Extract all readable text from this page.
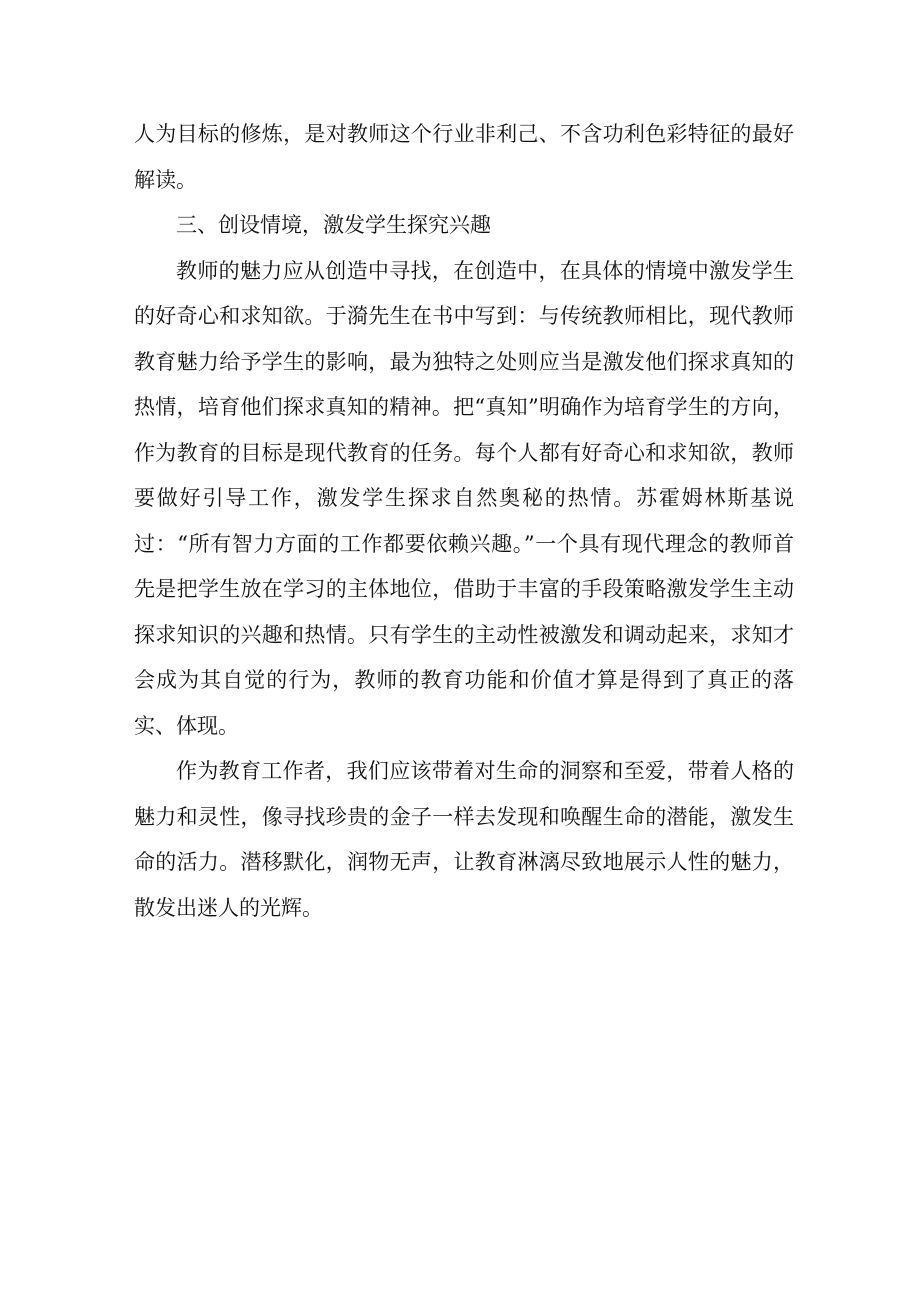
人为目标的修炼，是对教师这个行业非利己、不含功利色彩特征的最好解读。

三、创设情境，激发学生探究兴趣

教师的魅力应从创造中寻找，在创造中，在具体的情境中激发学生的好奇心和求知欲。于漪先生在书中写到：与传统教师相比，现代教师教育魅力给予学生的影响，最为独特之处则应当是激发他们探求真知的热情，培育他们探求真知的精神。把“真知”明确作为培育学生的方向，作为教育的目标是现代教育的任务。每个人都有好奇心和求知欲，教师要做好引导工作，激发学生探求自然奥秘的热情。苏霍姆林斯基说过：“所有智力方面的工作都要依赖兴趣。”一个具有现代理念的教师首先是把学生放在学习的主体地位，借助于丰富的手段策略激发学生主动探求知识的兴趣和热情。只有学生的主动性被激发和调动起来，求知才会成为其自觉的行为，教师的教育功能和价值才算是得到了真正的落实、体现。

作为教育工作者，我们应该带着对生命的洞察和至爱，带着人格的魅力和灵性，像寻找珍贵的金子一样去发现和唤醒生命的潜能，激发生命的活力。潜移默化，润物无声，让教育淋漓尽致地展示人性的魅力，散发出迷人的光辉。
